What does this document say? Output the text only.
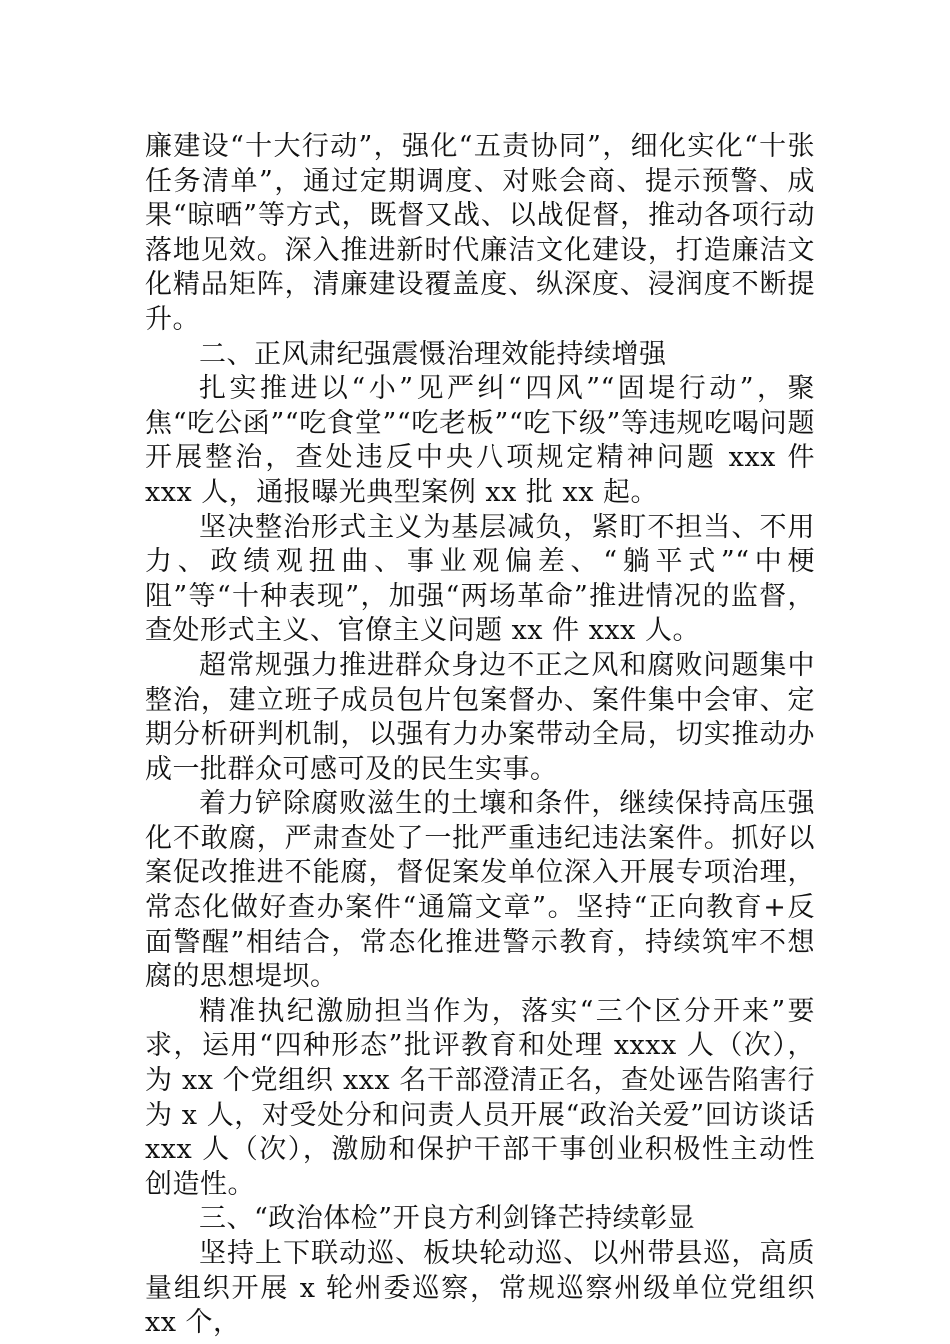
廉建设“十大行动”，强化“五责协同”，细化实化“十张任务清单”，通过定期调度、对账会商、提示预警、成果“晾晒”等方式，既督又战、以战促督，推动各项行动落地见效。深入推进新时代廉洁文化建设，打造廉洁文化精品矩阵，清廉建设覆盖度、纵深度、浸润度不断提升。

二、正风肃纪强震慑治理效能持续增强

扎实推进以“小”见严纠“四风”“固堤行动”，聚焦“吃公函”“吃食堂”“吃老板”“吃下级”等违规吃喝问题开展整治，查处违反中央八项规定精神问题 xxx 件 xxx 人，通报曝光典型案例 xx 批 xx 起。

坚决整治形式主义为基层减负，紧盯不担当、不用力、政绩观扭曲、事业观偏差、“躺平式”“中梗阻”等“十种表现”，加强“两场革命”推进情况的监督，查处形式主义、官僚主义问题 xx 件 xxx 人。

超常规强力推进群众身边不正之风和腐败问题集中整治，建立班子成员包片包案督办、案件集中会审、定期分析研判机制，以强有力办案带动全局，切实推动办成一批群众可感可及的民生实事。

着力铲除腐败滋生的土壤和条件，继续保持高压强化不敢腐，严肃查处了一批严重违纪违法案件。抓好以案促改推进不能腐，督促案发单位深入开展专项治理，常态化做好查办案件“通篇文章”。坚持“正向教育+反面警醒”相结合，常态化推进警示教育，持续筑牢不想腐的思想堤坝。

精准执纪激励担当作为，落实“三个区分开来”要求，运用“四种形态”批评教育和处理 xxxx 人（次），为 xx 个党组织 xxx 名干部澄清正名，查处诬告陷害行为 x 人，对受处分和问责人员开展“政治关爱”回访谈话 xxx 人（次），激励和保护干部干事创业积极性主动性创造性。

三、“政治体检”开良方利剑锋芒持续彰显

坚持上下联动巡、板块轮动巡、以州带县巡，高质量组织开展 x 轮州委巡察，常规巡察州级单位党组织 xx 个，
